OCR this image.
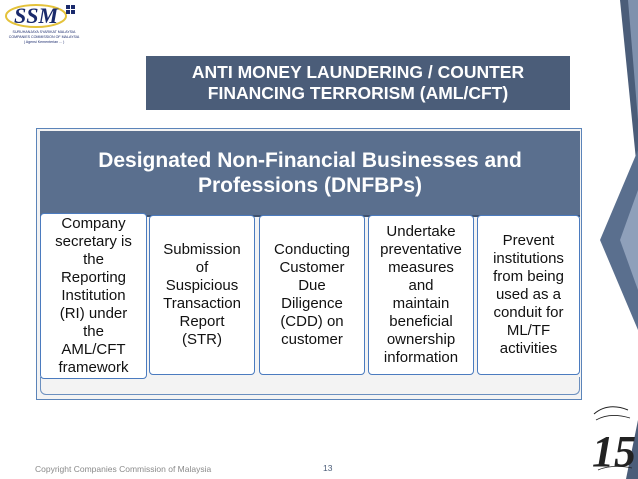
SSM
SURUHANJAYA SYARIKAT MALAYSIA
COMPANIES COMMISSION OF MALAYSIA
( Agensi Kementerian ... )
ANTI MONEY LAUNDERING / COUNTER
FINANCING TERRORISM (AML/CFT)
Designated Non-Financial Businesses and
Professions (DNFBPs)
Company
secretary is
the
Reporting
Institution
(RI) under
the
AML/CFT
framework
Submission
of
Suspicious
Transaction
Report
(STR)
Conducting
Customer
Due
Diligence
(CDD) on
customer
Undertake
preventative
measures
and
maintain
beneficial
ownership
information
Prevent
institutions
from being
used as a
conduit for
ML/TF
activities
Copyright Companies Commission of Malaysia	13	15
